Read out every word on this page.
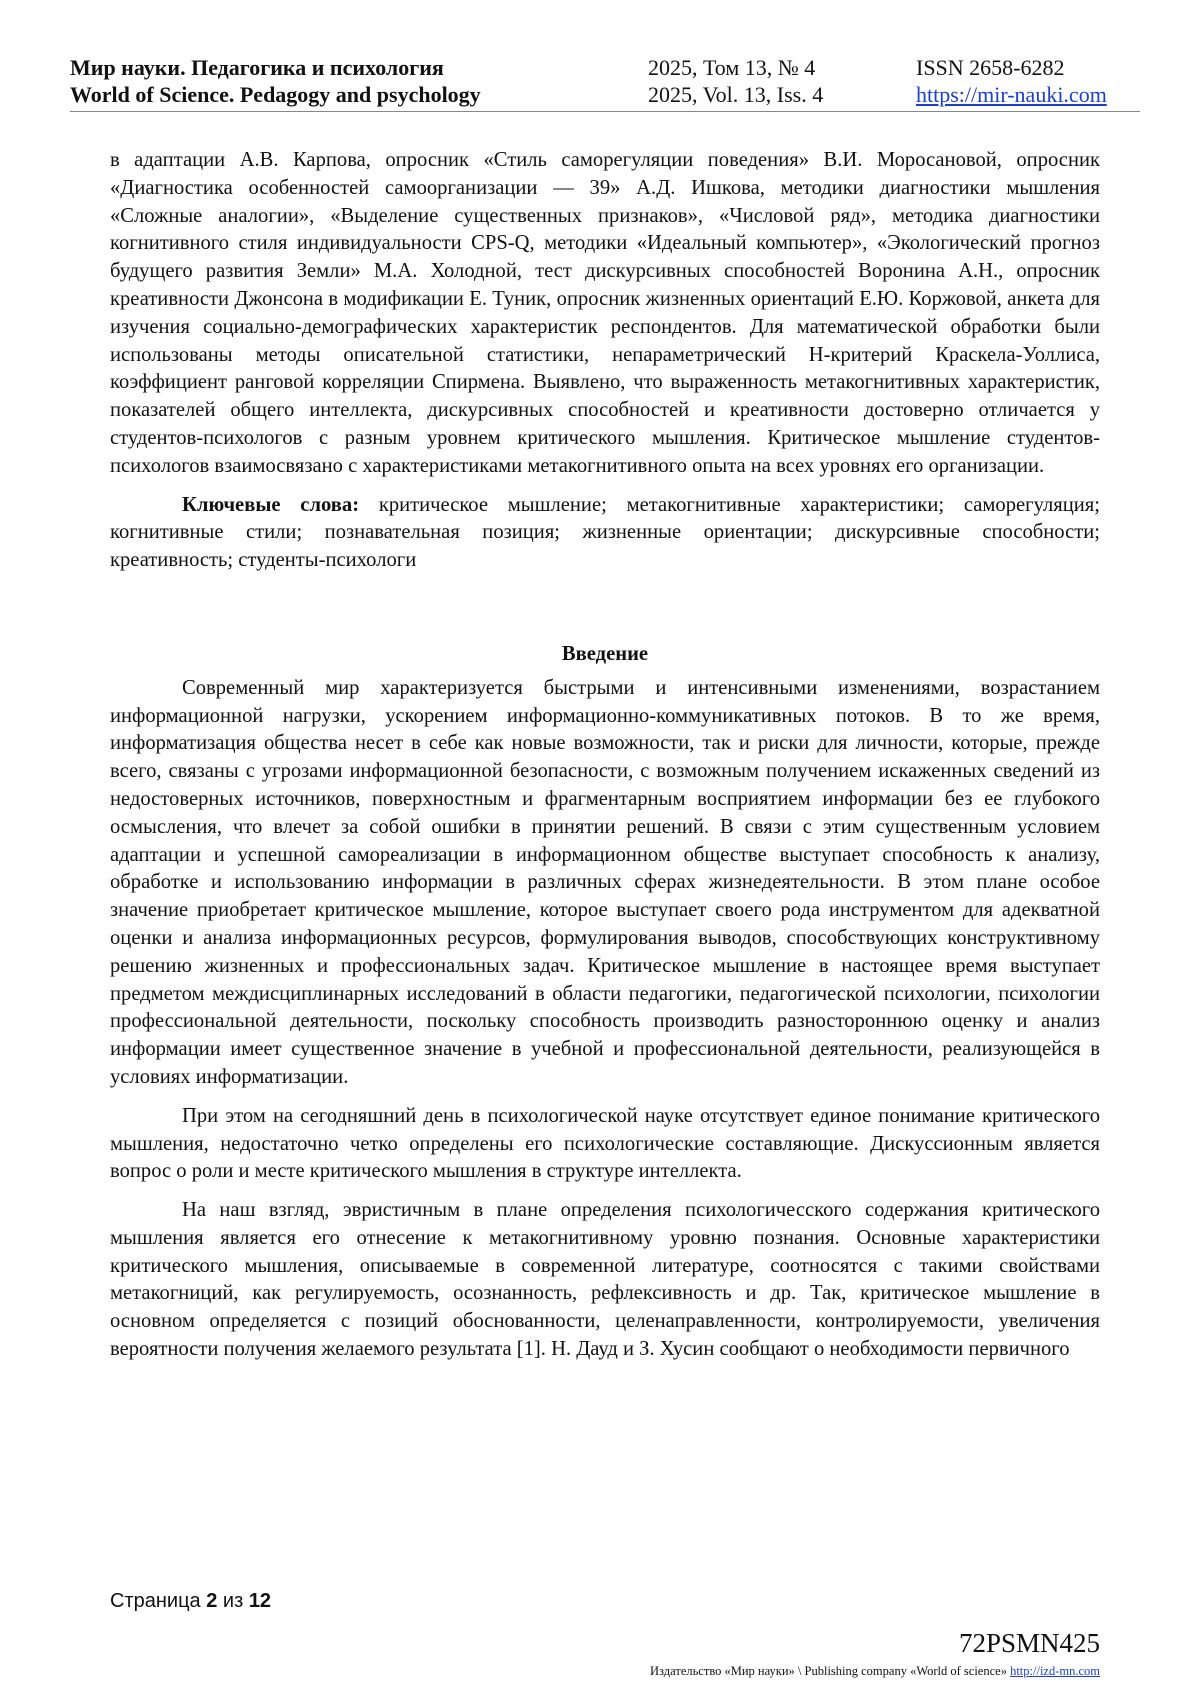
Мир науки. Педагогика и психология	2025, Том 13, № 4	ISSN 2658-6282
World of Science. Pedagogy and psychology	2025, Vol. 13, Iss. 4	https://mir-nauki.com

в адаптации А.В. Карпова, опросник «Стиль саморегуляции поведения» В.И. Моросановой, опросник «Диагностика особенностей самоорганизации — 39» А.Д. Ишкова, методики диагностики мышления «Сложные аналогии», «Выделение существенных признаков», «Числовой ряд», методика диагностики когнитивного стиля индивидуальности CPS-Q, методики «Идеальный компьютер», «Экологический прогноз будущего развития Земли» М.А. Холодной, тест дискурсивных способностей Воронина А.Н., опросник креативности Джонсона в модификации Е. Туник, опросник жизненных ориентаций Е.Ю. Коржовой, анкета для изучения социально-демографических характеристик респондентов. Для математической обработки были использованы методы описательной статистики, непараметрический H-критерий Краскела-Уоллиса, коэффициент ранговой корреляции Спирмена. Выявлено, что выраженность метакогнитивных характеристик, показателей общего интеллекта, дискурсивных способностей и креативности достоверно отличается у студентов-психологов с разным уровнем критического мышления. Критическое мышление студентов-психологов взаимосвязано с характеристиками метакогнитивного опыта на всех уровнях его организации.

Ключевые слова: критическое мышление; метакогнитивные характеристики; саморегуляция; когнитивные стили; познавательная позиция; жизненные ориентации; дискурсивные способности; креативность; студенты-психологи

Введение

Современный мир характеризуется быстрыми и интенсивными изменениями, возрастанием информационной нагрузки, ускорением информационно-коммуникативных потоков. В то же время, информатизация общества несет в себе как новые возможности, так и риски для личности, которые, прежде всего, связаны с угрозами информационной безопасности, с возможным получением искаженных сведений из недостоверных источников, поверхностным и фрагментарным восприятием информации без ее глубокого осмысления, что влечет за собой ошибки в принятии решений. В связи с этим существенным условием адаптации и успешной самореализации в информационном обществе выступает способность к анализу, обработке и использованию информации в различных сферах жизнедеятельности. В этом плане особое значение приобретает критическое мышление, которое выступает своего рода инструментом для адекватной оценки и анализа информационных ресурсов, формулирования выводов, способствующих конструктивному решению жизненных и профессиональных задач. Критическое мышление в настоящее время выступает предметом междисциплинарных исследований в области педагогики, педагогической психологии, психологии профессиональной деятельности, поскольку способность производить разностороннюю оценку и анализ информации имеет существенное значение в учебной и профессиональной деятельности, реализующейся в условиях информатизации.

При этом на сегодняшний день в психологической науке отсутствует единое понимание критического мышления, недостаточно четко определены его психологические составляющие. Дискуссионным является вопрос о роли и месте критического мышления в структуре интеллекта.

На наш взгляд, эвристичным в плане определения психологичесского содержания критического мышления является его отнесение к метакогнитивному уровню познания. Основные характеристики критического мышления, описываемые в современной литературе, соотносятся с такими свойствами метакогниций, как регулируемость, осознанность, рефлексивность и др. Так, критическое мышление в основном определяется с позиций обоснованности, целенаправленности, контролируемости, увеличения вероятности получения желаемого результата [1]. Н. Дауд и З. Хусин сообщают о необходимости первичного

Страница 2 из 12
72PSMN425
Издательство «Мир науки» \ Publishing company «World of science» http://izd-mn.com
